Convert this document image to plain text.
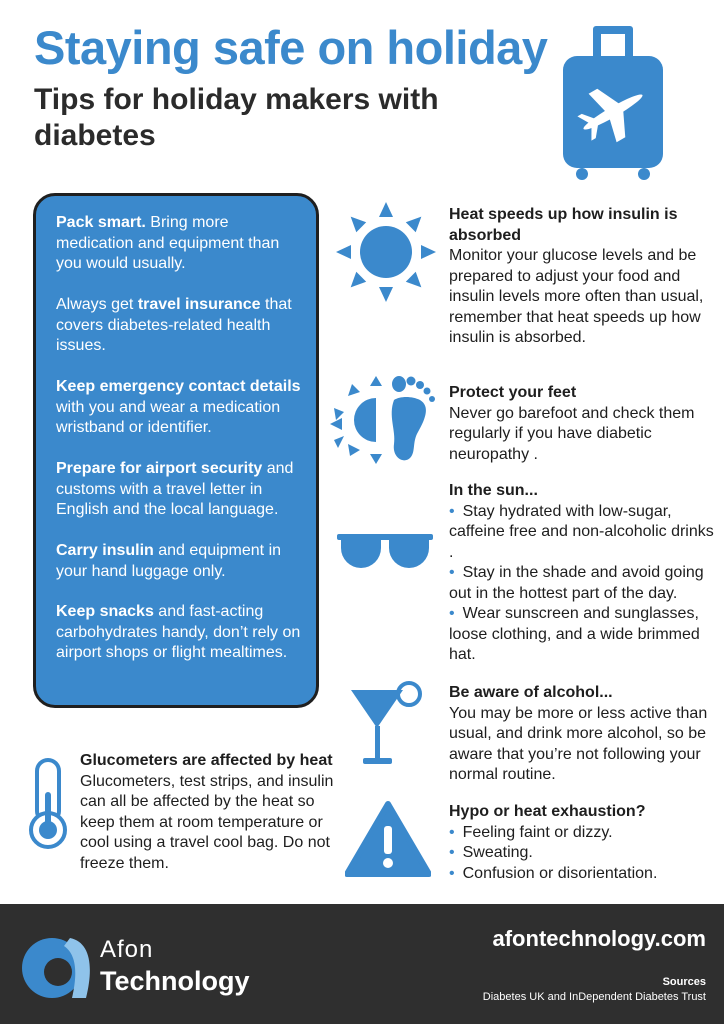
Staying safe on holiday
Tips for holiday makers with diabetes

Pack smart. Bring more medication and equipment than you would usually.

Always get travel insurance that covers diabetes-related health issues.

Keep emergency contact details with you and wear a medication wristband or identifier.

Prepare for airport security and customs with a travel letter in English and the local language.

Carry insulin and equipment in your hand luggage only.

Keep snacks and fast-acting carbohydrates handy, don’t rely on airport shops or flight mealtimes.

Glucometers are affected by heat

Glucometers, test strips, and insulin can all be affected by the heat so keep them at room temperature or cool using a travel cool bag. Do not freeze them.

Heat speeds up how insulin is absorbed

Monitor your glucose levels and be prepared to adjust your food and insulin levels more often than usual, remember that heat speeds up how insulin is absorbed.

Protect your feet

Never go barefoot and check them regularly if you have diabetic neuropathy .

In the sun...

• Stay hydrated with low-sugar, caffeine free and non-alcoholic drinks .

• Stay in the shade and avoid going out in the hottest part of the day.

• Wear sunscreen and sunglasses, loose clothing, and a wide brimmed hat.

Be aware of alcohol...

You may be more or less active than usual, and drink more alcohol, so be aware that you’re not following your normal routine.

Hypo or heat exhaustion?

• Feeling faint or dizzy.

• Sweating.

• Confusion or disorientation.

Afon
Technology
afontechnology.com
Sources
Diabetes UK and InDependent Diabetes Trust
